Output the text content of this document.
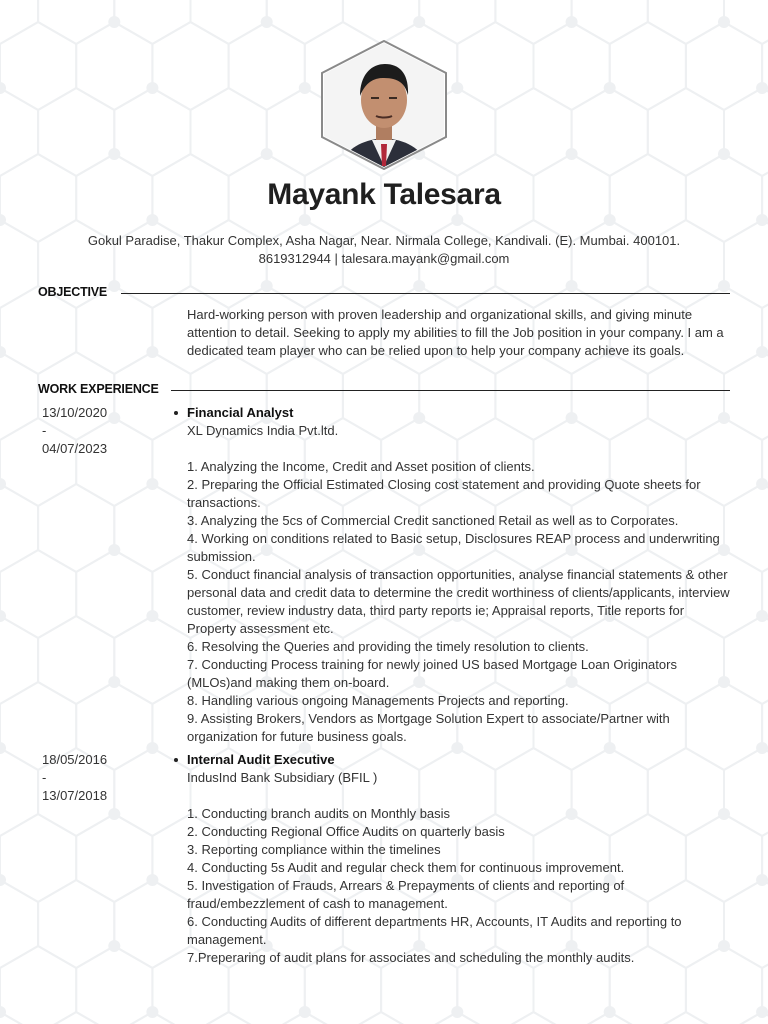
Mayank Talesara
Gokul Paradise, Thakur Complex, Asha Nagar, Near. Nirmala College, Kandivali. (E). Mumbai. 400101.
8619312944 | talesara.mayank@gmail.com
OBJECTIVE
Hard-working person with proven leadership and organizational skills, and giving minute attention to detail. Seeking to apply my abilities to fill the Job position in your company. I am a dedicated team player who can be relied upon to help your company achieve its goals.
WORK EXPERIENCE
13/10/2020
-
04/07/2023
Financial Analyst
XL Dynamics India Pvt.ltd.
1. Analyzing the Income, Credit and Asset position of clients.
2. Preparing the Official Estimated Closing cost statement and providing Quote sheets for transactions.
3. Analyzing the 5cs of Commercial Credit sanctioned Retail as well as to Corporates.
4. Working on conditions related to Basic setup, Disclosures REAP process and underwriting submission.
5. Conduct financial analysis of transaction opportunities, analyse financial statements & other personal data and credit data to determine the credit worthiness of clients/applicants, interview customer, review industry data, third party reports ie; Appraisal reports, Title reports for Property assessment etc.
6. Resolving the Queries and providing the timely resolution to clients.
7. Conducting Process training for newly joined US based Mortgage Loan Originators (MLOs)and making them on-board.
8. Handling various ongoing Managements Projects and reporting.
9. Assisting Brokers, Vendors as Mortgage Solution Expert to associate/Partner with organization for future business goals.
18/05/2016
-
13/07/2018
Internal Audit Executive
IndusInd Bank Subsidiary (BFIL )
1. Conducting branch audits on Monthly basis
2. Conducting Regional Office Audits on quarterly basis
3. Reporting compliance within the timelines
4. Conducting 5s Audit and regular check them for continuous improvement.
5. Investigation of Frauds, Arrears & Prepayments of clients and reporting of fraud/embezzlement of cash to management.
6. Conducting Audits of different departments HR, Accounts, IT Audits and reporting to management.
7.Preperaring of audit plans for associates and scheduling the monthly audits.
